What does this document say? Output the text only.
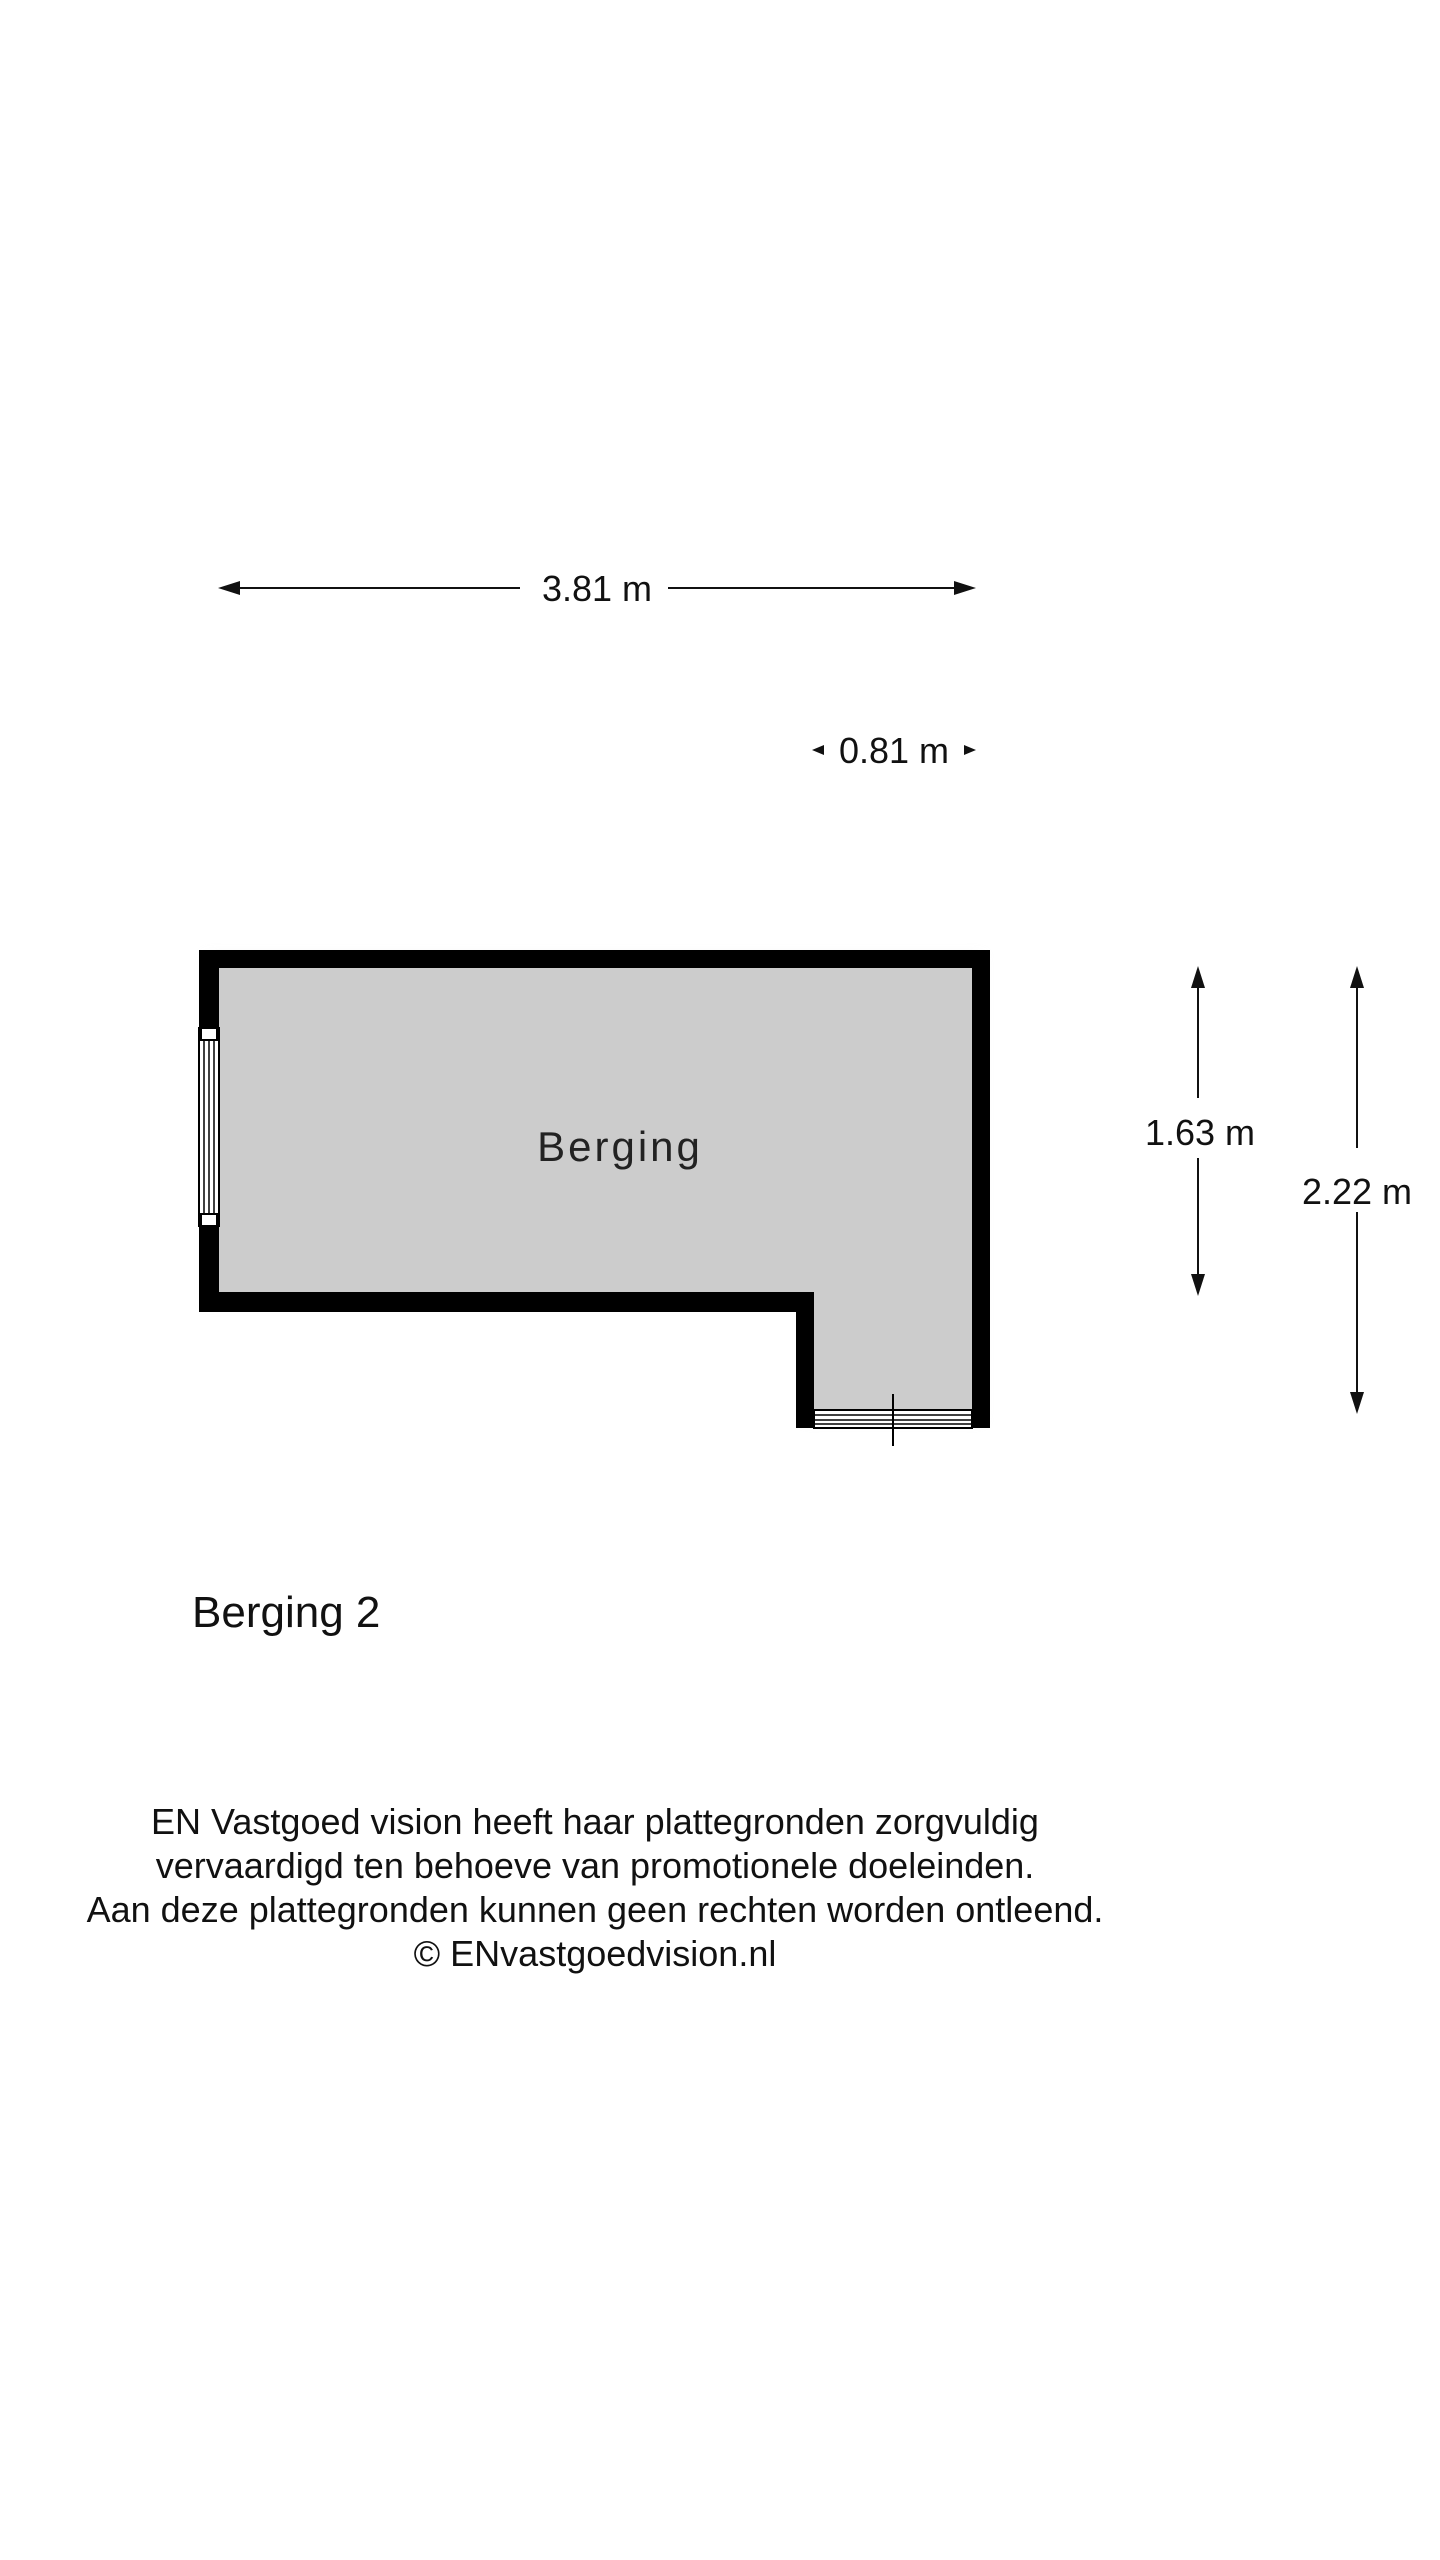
3.81 m
0.81 m
Berging	1.63 m
2.22 m
Berging 2
EN Vastgoed vision heeft haar plattegronden zorgvuldig
vervaardigd ten behoeve van promotionele doeleinden.
Aan deze plattegronden kunnen geen rechten worden ontleend.
© ENvastgoedvision.nl
